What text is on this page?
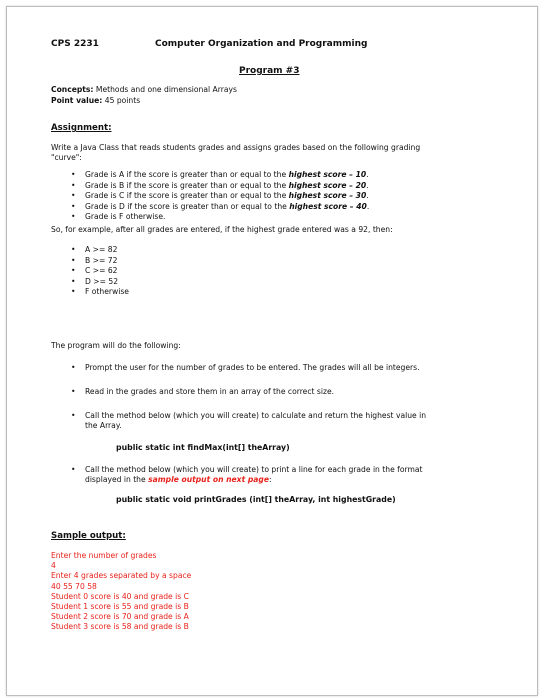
CPS 2231	Computer Organization and Programming
Program #3
Concepts: Methods and one dimensional Arrays
Point value: 45 points
Assignment:
Write a Java Class that reads students grades and assigns grades based on the following grading
"curve":
• Grade is A if the score is greater than or equal to the highest score – 10.
• Grade is B if the score is greater than or equal to the highest score – 20.
• Grade is C if the score is greater than or equal to the highest score – 30.
• Grade is D if the score is greater than or equal to the highest score – 40.
• Grade is F otherwise.
So, for example, after all grades are entered, if the highest grade entered was a 92, then:
• A >= 82
• B >= 72
• C >= 62
• D >= 52
• F otherwise
The program will do the following:
• Prompt the user for the number of grades to be entered. The grades will all be integers.
• Read in the grades and store them in an array of the correct size.
• Call the method below (which you will create) to calculate and return the highest value in
the Array.
public static int findMax(int[] theArray)
• Call the method below (which you will create) to print a line for each grade in the format
displayed in the sample output on next page:
public static void printGrades (int[] theArray, int highestGrade)
Sample output:
Enter the number of grades
4
Enter 4 grades separated by a space
40 55 70 58
Student 0 score is 40 and grade is C
Student 1 score is 55 and grade is B
Student 2 score is 70 and grade is A
Student 3 score is 58 and grade is B
